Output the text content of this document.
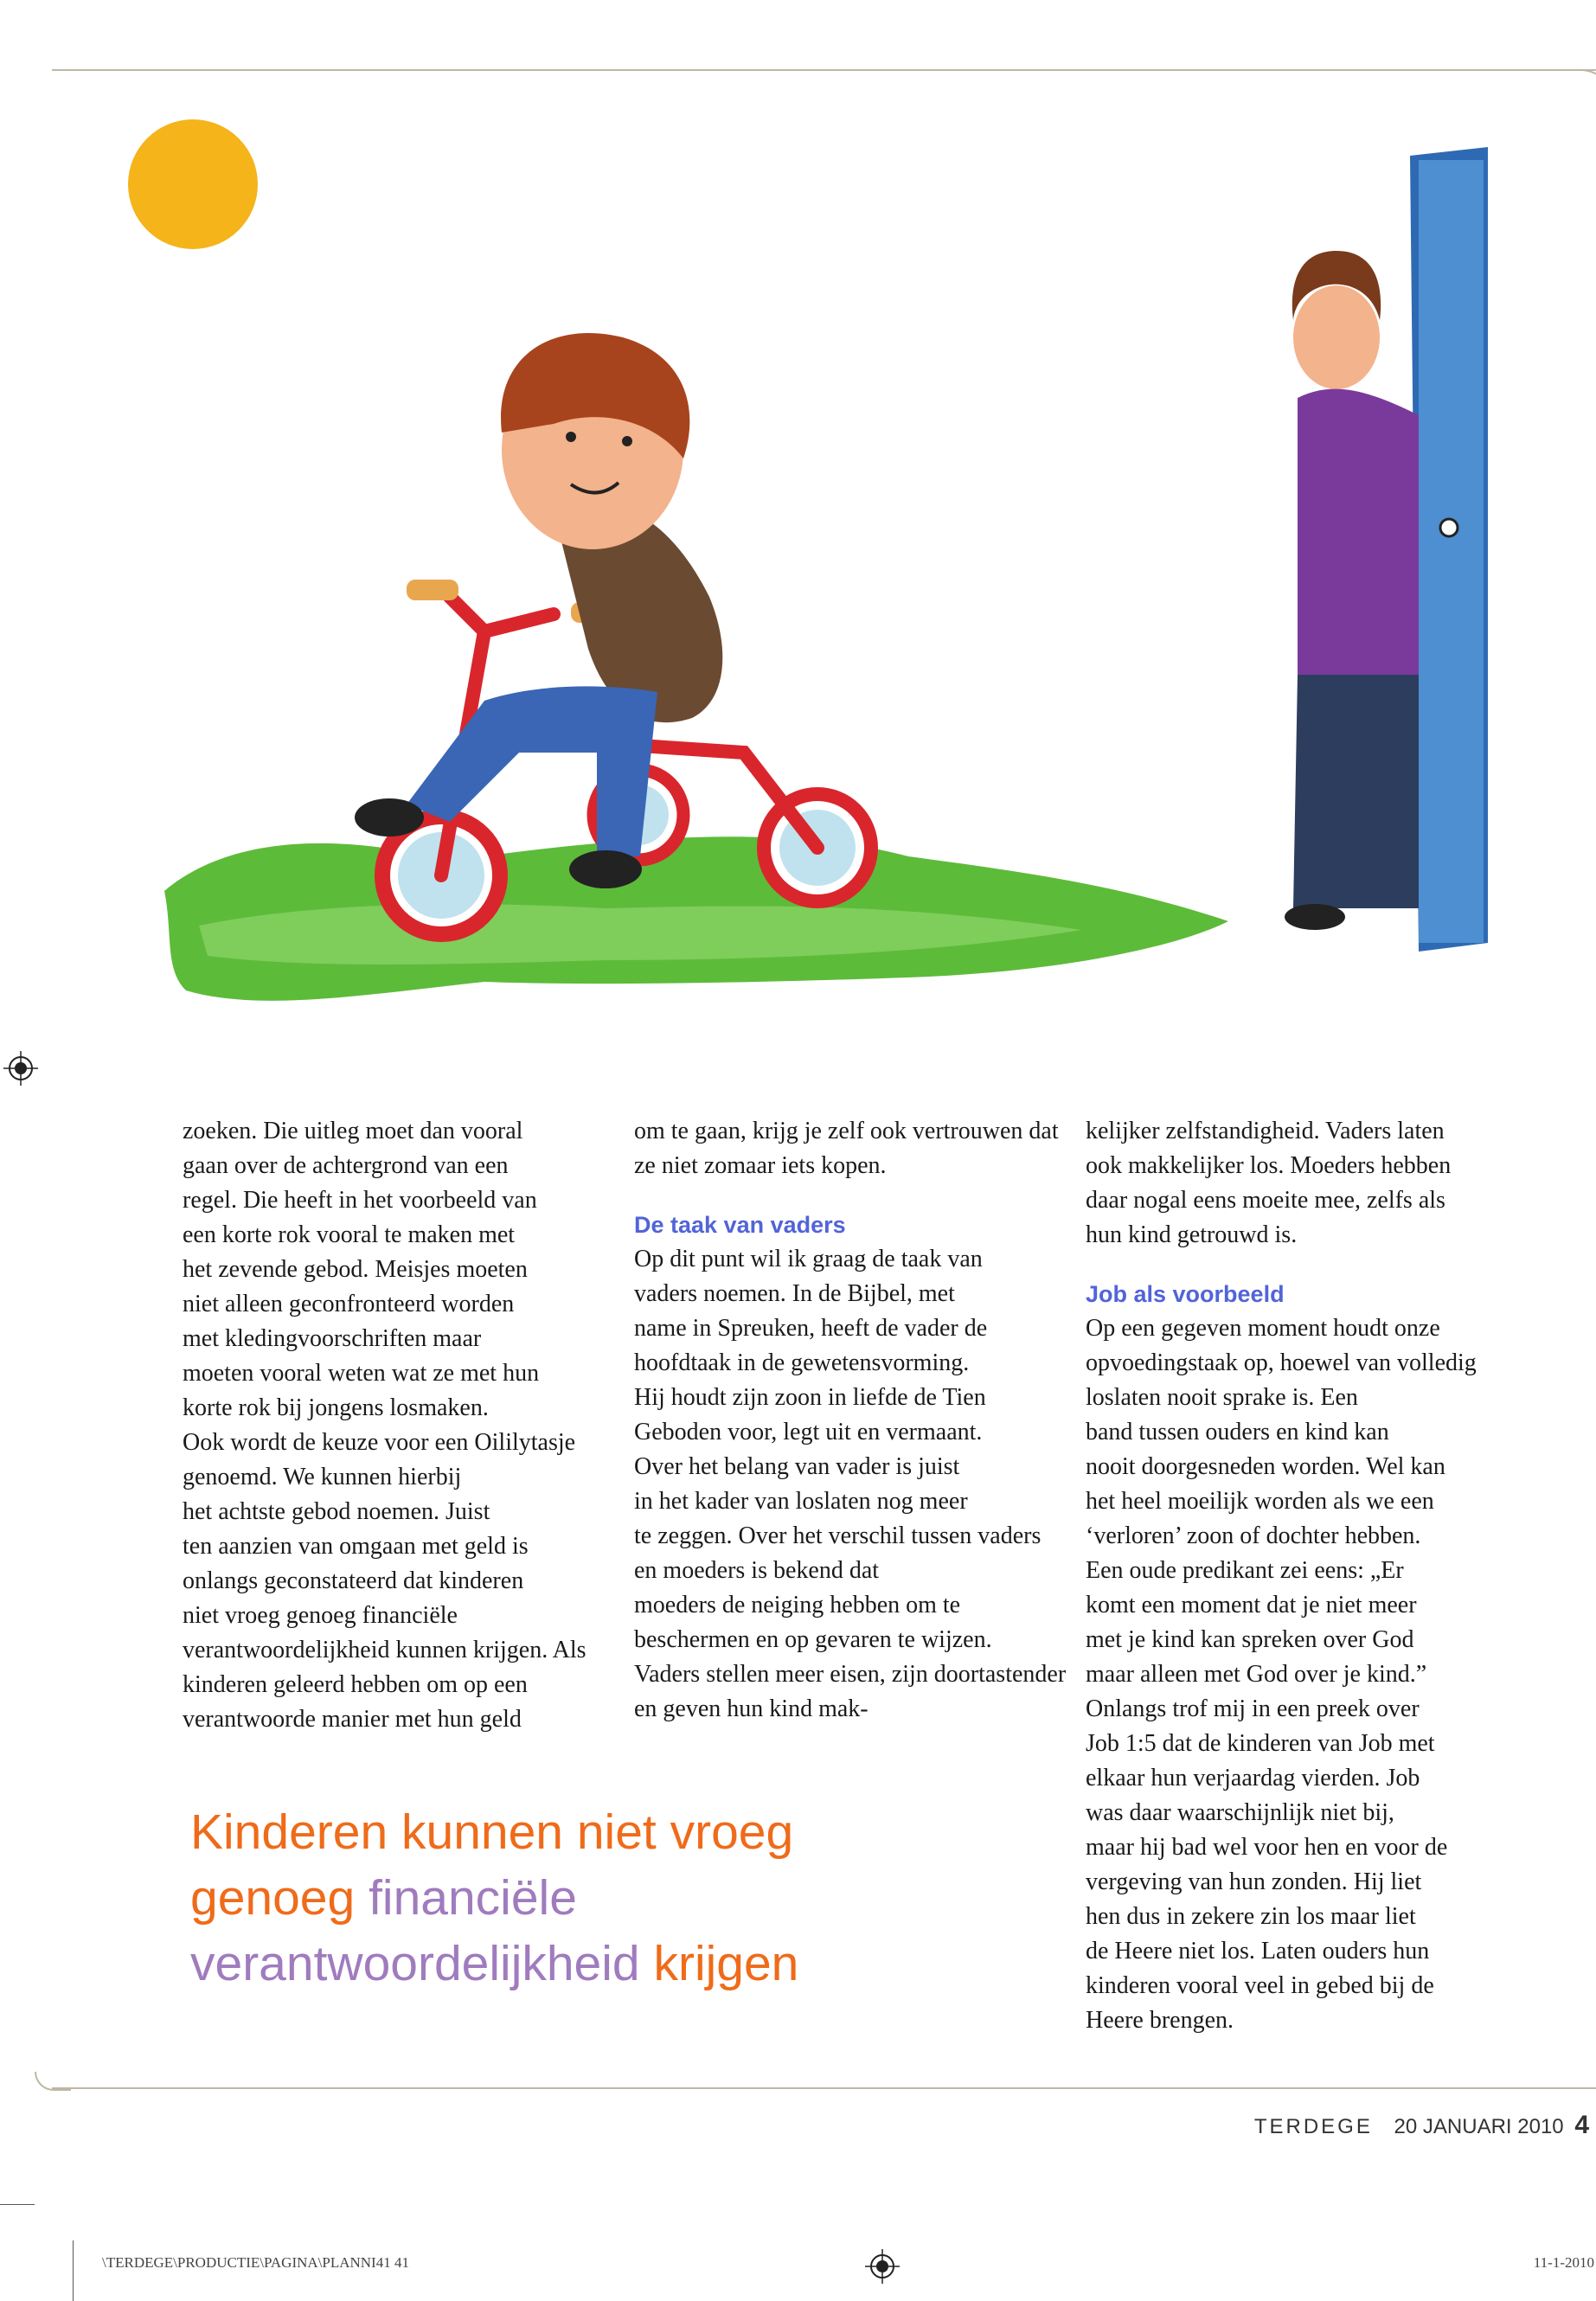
zoeken. Die uitleg moet dan vooral
gaan over de achtergrond van een
regel. Die heeft in het voorbeeld van
een korte rok vooral te maken met
het zevende gebod. Meisjes moeten
niet alleen geconfronteerd worden
met kledingvoorschriften maar
moeten vooral weten wat ze met hun
korte rok bij jongens losmaken.
Ook wordt de keuze voor een Oililytasje genoemd. We kunnen hierbij
het achtste gebod noemen. Juist
ten aanzien van omgaan met geld is
onlangs geconstateerd dat kinderen
niet vroeg genoeg financiële verantwoordelijkheid kunnen krijgen. Als
kinderen geleerd hebben om op een
verantwoorde manier met hun geld

om te gaan, krijg je zelf ook vertrouwen dat ze niet zomaar iets kopen.

De taak van vaders

Op dit punt wil ik graag de taak van
vaders noemen. In de Bijbel, met
name in Spreuken, heeft de vader de
hoofdtaak in de gewetensvorming.
Hij houdt zijn zoon in liefde de Tien
Geboden voor, legt uit en vermaant.
Over het belang van vader is juist
in het kader van loslaten nog meer
te zeggen. Over het verschil tussen vaders en moeders is bekend dat
moeders de neiging hebben om te
beschermen en op gevaren te wijzen.
Vaders stellen meer eisen, zijn doortastender en geven hun kind mak-

kelijker zelfstandigheid. Vaders laten
ook makkelijker los. Moeders hebben
daar nogal eens moeite mee, zelfs als
hun kind getrouwd is.

Job als voorbeeld

Op een gegeven moment houdt onze
opvoedingstaak op, hoewel van volledig loslaten nooit sprake is. Een
band tussen ouders en kind kan
nooit doorgesneden worden. Wel kan
het heel moeilijk worden als we een
‘verloren’ zoon of dochter hebben.
Een oude predikant zei eens: „Er
komt een moment dat je niet meer
met je kind kan spreken over God
maar alleen met God over je kind.”
Onlangs trof mij in een preek over
Job 1:5 dat de kinderen van Job met
elkaar hun verjaardag vierden. Job
was daar waarschijnlijk niet bij,
maar hij bad wel voor hen en voor de
vergeving van hun zonden. Hij liet
hen dus in zekere zin los maar liet
de Heere niet los. Laten ouders hun
kinderen vooral veel in gebed bij de
Heere brengen.

Kinderen kunnen niet vroeg
genoeg financiële
verantwoordelijkheid krijgen
TERDEGE 20 JANUARI 2010 4
\TERDEGE\PRODUCTIE\PAGINA\PLANNI41 41	11-1-2010
